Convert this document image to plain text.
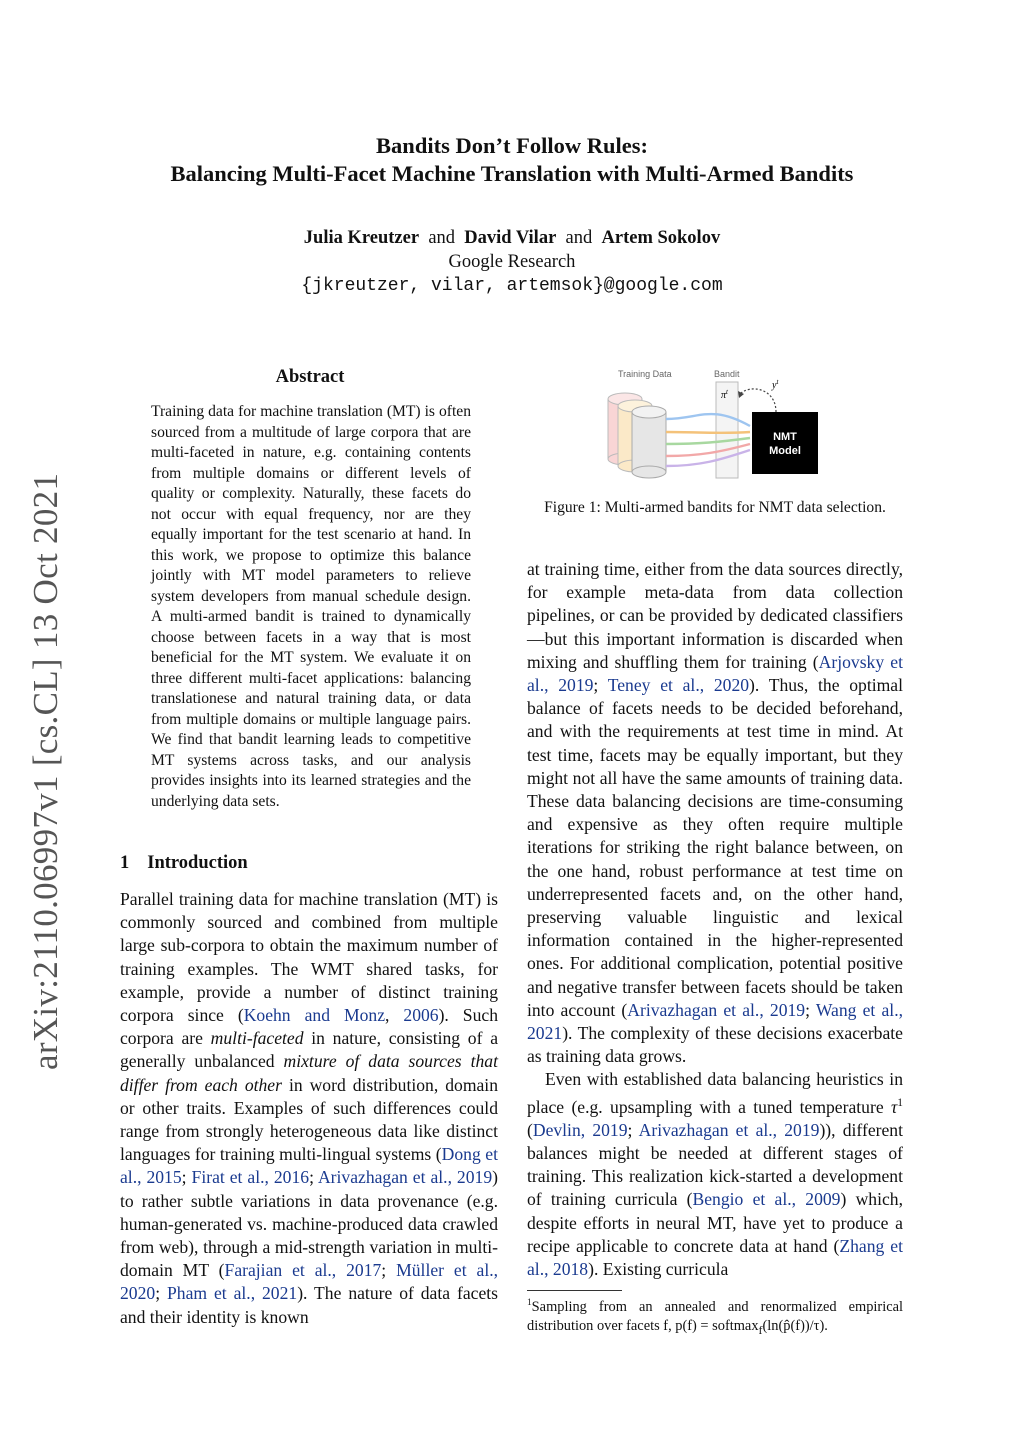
arXiv:2110.06997v1 [cs.CL] 13 Oct 2021
Bandits Don’t Follow Rules:
Balancing Multi-Facet Machine Translation with Multi-Armed Bandits
Julia Kreutzer and David Vilar and Artem Sokolov
Google Research
{jkreutzer, vilar, artemsok}@google.com
Abstract
Training data for machine translation (MT) is often sourced from a multitude of large corpora that are multi-faceted in nature, e.g. containing contents from multiple domains or different levels of quality or complexity. Naturally, these facets do not occur with equal frequency, nor are they equally important for the test scenario at hand. In this work, we propose to optimize this balance jointly with MT model parameters to relieve system developers from manual schedule design. A multi-armed bandit is trained to dynamically choose between facets in a way that is most beneficial for the MT system. We evaluate it on three different multi-facet applications: balancing translationese and natural training data, or data from multiple domains or multiple language pairs. We find that bandit learning leads to competitive MT systems across tasks, and our analysis provides insights into its learned strategies and the underlying data sets.
1 Introduction

Parallel training data for machine translation (MT) is commonly sourced and combined from multiple large sub-corpora to obtain the maximum number of training examples. The WMT shared tasks, for example, provide a number of distinct training corpora since (Koehn and Monz, 2006). Such corpora are multi-faceted in nature, consisting of a generally unbalanced mixture of data sources that differ from each other in word distribution, domain or other traits. Examples of such differences could range from strongly heterogeneous data like distinct languages for training multi-lingual systems (Dong et al., 2015; Firat et al., 2016; Arivazhagan et al., 2019) to rather subtle variations in data provenance (e.g. human-generated vs. machine-produced data crawled from web), through a mid-strength variation in multi-domain MT (Farajian et al., 2017; Müller et al., 2020; Pham et al., 2021). The nature of data facets and their identity is known

Training Data	Bandit
$\pi^t$
$y^t$
NMT
Model
Figure 1: Multi-armed bandits for NMT data selection.

at training time, either from the data sources directly, for example meta-data from data collection pipelines, or can be provided by dedicated classifiers—but this important information is discarded when mixing and shuffling them for training (Arjovsky et al., 2019; Teney et al., 2020). Thus, the optimal balance of facets needs to be decided beforehand, and with the requirements at test time in mind. At test time, facets may be equally important, but they might not all have the same amounts of training data. These data balancing decisions are time-consuming and expensive as they often require multiple iterations for striking the right balance between, on the one hand, robust performance at test time on underrepresented facets and, on the other hand, preserving valuable linguistic and lexical information contained in the higher-represented ones. For additional complication, potential positive and negative transfer between facets should be taken into account (Arivazhagan et al., 2019; Wang et al., 2021). The complexity of these decisions exacerbate as training data grows.

Even with established data balancing heuristics in place (e.g. upsampling with a tuned temperature $\tau^1$ (Devlin, 2019; Arivazhagan et al., 2019)), different balances might be needed at different stages of training. This realization kick-started a development of training curricula (Bengio et al., 2009) which, despite efforts in neural MT, have yet to produce a recipe applicable to concrete data at hand (Zhang et al., 2018). Existing curricula

$^1$Sampling from an annealed and renormalized empirical distribution over facets f, p(f) = softmax$_f$(ln(p̂(f))/τ).
